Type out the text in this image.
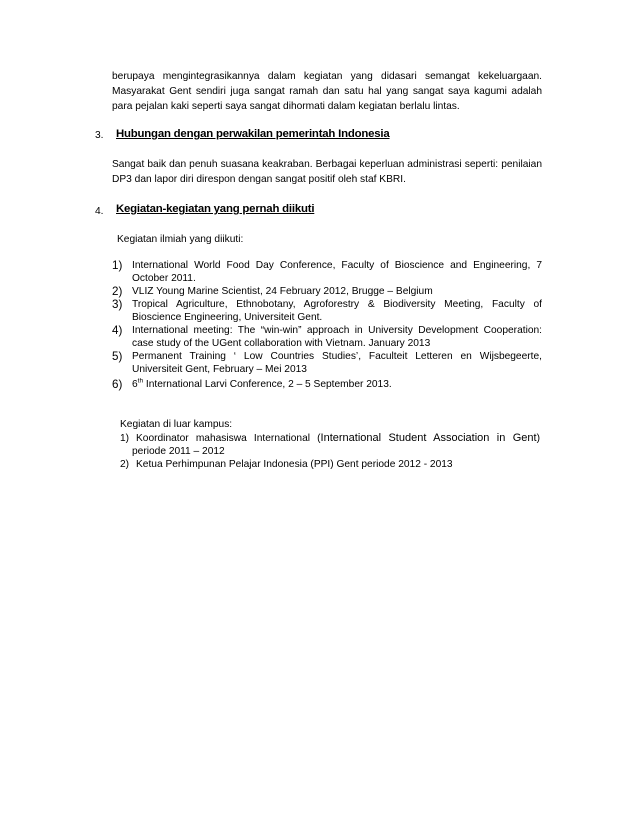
berupaya mengintegrasikannya dalam kegiatan yang didasari semangat kekeluargaan. Masyarakat Gent sendiri juga sangat ramah dan satu hal yang sangat saya kagumi adalah para pejalan kaki seperti saya sangat dihormati dalam kegiatan berlalu lintas.

3. Hubungan dengan perwakilan pemerintah Indonesia

Sangat baik dan penuh suasana keakraban. Berbagai keperluan administrasi seperti: penilaian DP3 dan lapor diri direspon dengan sangat positif oleh staf KBRI.

4. Kegiatan-kegiatan yang pernah diikuti

Kegiatan ilmiah yang diikuti:

1) International World Food Day Conference, Faculty of Bioscience and Engineering, 7 October 2011.
2) VLIZ Young Marine Scientist, 24 February 2012, Brugge – Belgium
3) Tropical Agriculture, Ethnobotany, Agroforestry & Biodiversity Meeting, Faculty of Bioscience Engineering, Universiteit Gent.
4) International meeting: The “win-win” approach in University Development Cooperation: case study of the UGent collaboration with Vietnam. January 2013
5) Permanent Training ‘ Low Countries Studies’, Faculteit Letteren en Wijsbegeerte, Universiteit Gent, February – Mei 2013
6) 6th International Larvi Conference, 2 – 5 September 2013.

Kegiatan di luar kampus:

1) Koordinator mahasiswa International (International Student Association in Gent) periode 2011 – 2012
2) Ketua Perhimpunan Pelajar Indonesia (PPI) Gent periode 2012 - 2013
